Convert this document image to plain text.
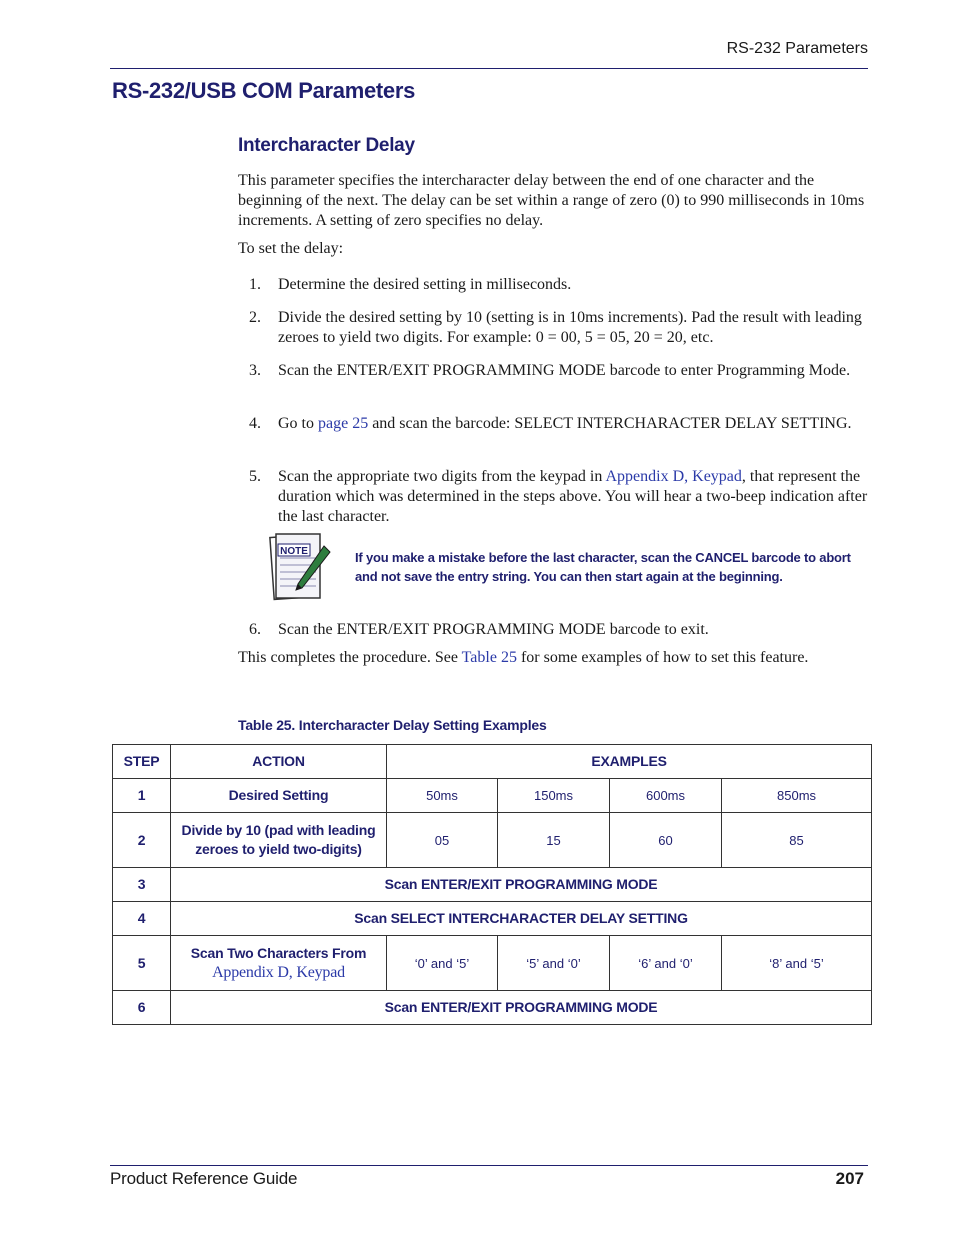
RS-232 Parameters
RS-232/USB COM Parameters
Intercharacter Delay
This parameter specifies the intercharacter delay between the end of one character and the beginning of the next. The delay can be set within a range of zero (0) to 990 milliseconds in 10ms increments. A setting of zero specifies no delay.
To set the delay:
1. Determine the desired setting in milliseconds.
2. Divide the desired setting by 10 (setting is in 10ms increments). Pad the result with leading zeroes to yield two digits. For example: 0 = 00, 5 = 05, 20 = 20, etc.
3. Scan the ENTER/EXIT PROGRAMMING MODE barcode to enter Programming Mode.
4. Go to page 25 and scan the barcode: SELECT INTERCHARACTER DELAY SETTING.
5. Scan the appropriate two digits from the keypad in Appendix D, Keypad, that represent the duration which was determined in the steps above. You will hear a two-beep indication after the last character.
NOTE	If you make a mistake before the last character, scan the CANCEL barcode to abort and not save the entry string. You can then start again at the beginning.
6. Scan the ENTER/EXIT PROGRAMMING MODE barcode to exit.
This completes the procedure. See Table 25 for some examples of how to set this feature.
Table 25. Intercharacter Delay Setting Examples
STEP	ACTION	EXAMPLES			
1	Desired Setting	50ms	150ms	600ms	850ms
2	Divide by 10 (pad with leading zeroes to yield two-digits)	05	15	60	85
3	Scan ENTER/EXIT PROGRAMMING MODE				
4	Scan SELECT INTERCHARACTER DELAY SETTING				
5	Scan Two Characters From
Appendix D, Keypad	‘0’ and ‘5’	‘5’ and ‘0’	‘6’ and ‘0’	‘8’ and ‘5’
6	Scan ENTER/EXIT PROGRAMMING MODE				
Product Reference Guide	207
